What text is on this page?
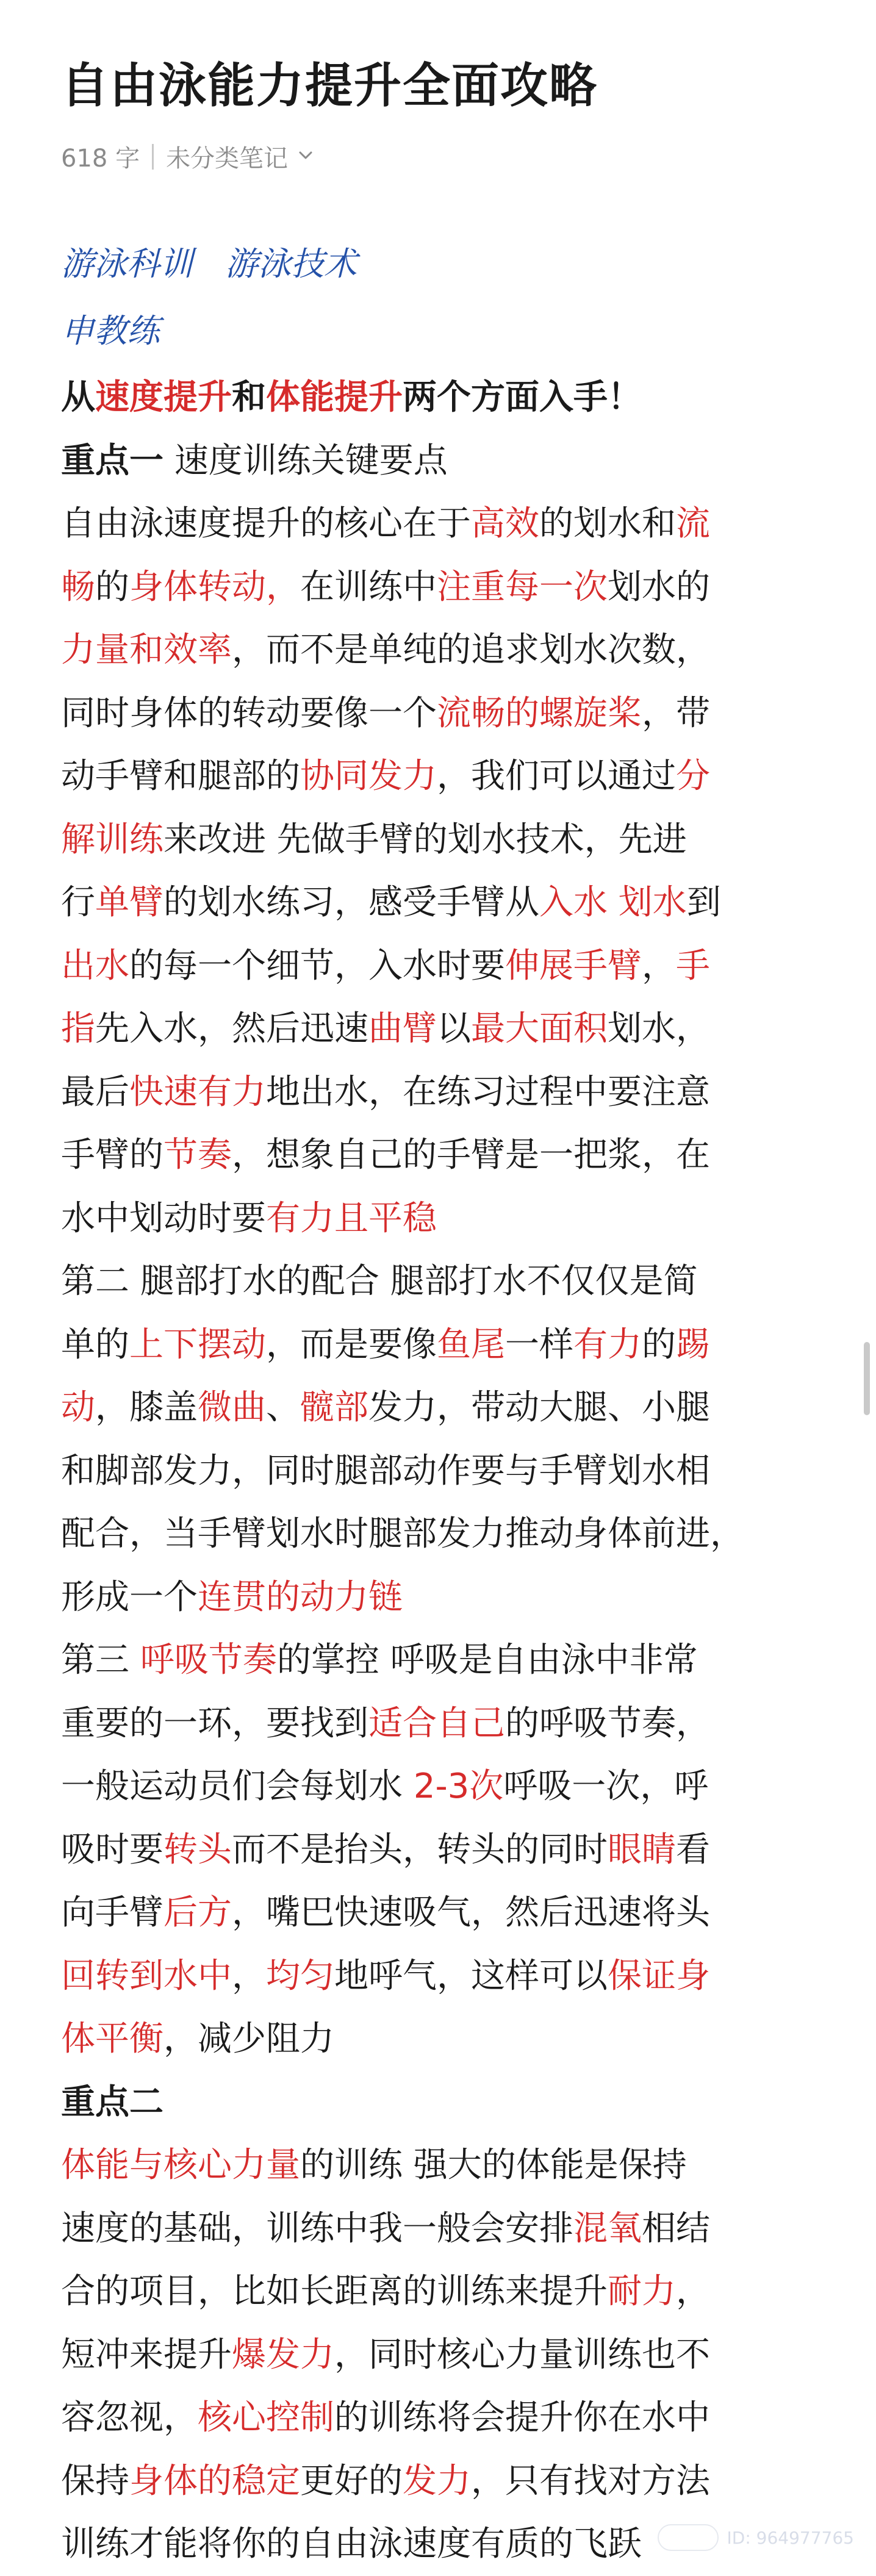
自由泳能力提升全面攻略
618 字 未分类笔记
游泳科训 游泳技术
申教练
从速度提升和体能提升两个方面入手！
重点一 速度训练关键要点
自由泳速度提升的核心在于高效的划水和流
畅的身体转动，在训练中注重每一次划水的
力量和效率，而不是单纯的追求划水次数，
同时身体的转动要像一个流畅的螺旋桨，带
动手臂和腿部的协同发力，我们可以通过分
解训练来改进 先做手臂的划水技术，先进
行单臂的划水练习，感受手臂从入水 划水到
出水的每一个细节，入水时要伸展手臂，手
指先入水，然后迅速曲臂以最大面积划水，
最后快速有力地出水，在练习过程中要注意
手臂的节奏，想象自己的手臂是一把浆，在
水中划动时要有力且平稳
第二 腿部打水的配合 腿部打水不仅仅是简
单的上下摆动，而是要像鱼尾一样有力的踢
动，膝盖微曲、髋部发力，带动大腿、小腿
和脚部发力，同时腿部动作要与手臂划水相
配合，当手臂划水时腿部发力推动身体前进，
形成一个连贯的动力链
第三 呼吸节奏的掌控 呼吸是自由泳中非常
重要的一环，要找到适合自己的呼吸节奏，
一般运动员们会每划水 2-3次呼吸一次，呼
吸时要转头而不是抬头，转头的同时眼睛看
向手臂后方，嘴巴快速吸气，然后迅速将头
回转到水中，均匀地呼气，这样可以保证身
体平衡，减少阻力
重点二
体能与核心力量的训练 强大的体能是保持
速度的基础，训练中我一般会安排混氧相结
合的项目，比如长距离的训练来提升耐力，
短冲来提升爆发力，同时核心力量训练也不
容忽视，核心控制的训练将会提升你在水中
保持身体的稳定更好的发力，只有找对方法
训练才能将你的自由泳速度有质的飞跃	ID: 964977765
